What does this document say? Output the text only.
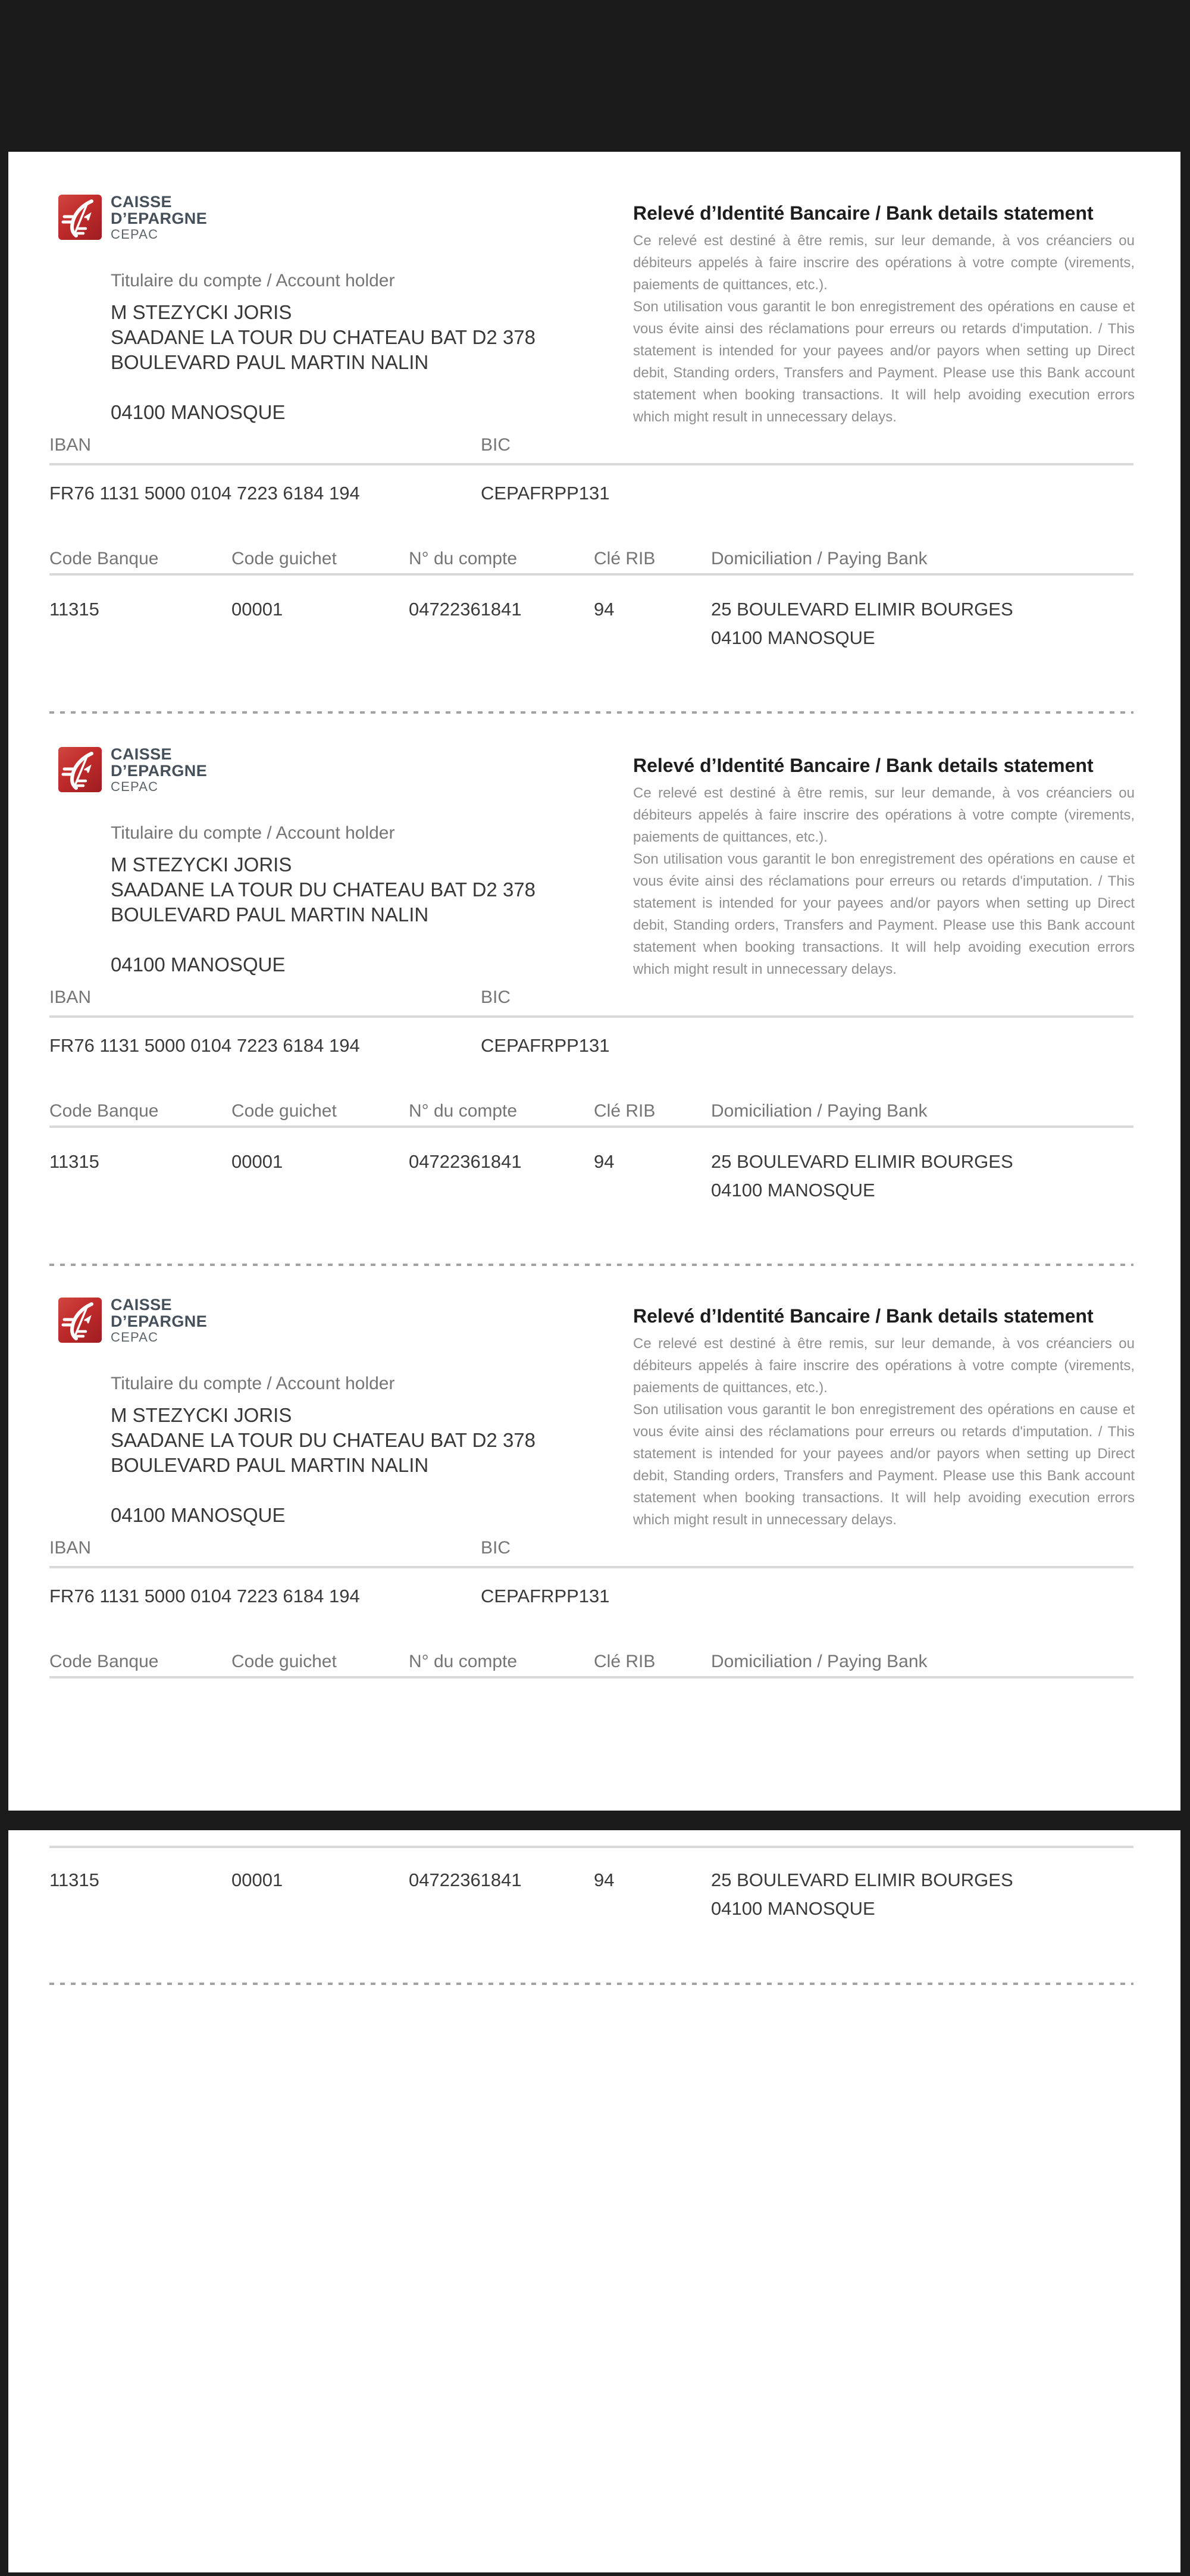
CAISSE
D’EPARGNE
CEPAC
Relevé d’Identité Bancaire / Bank details statement

Ce relevé est destiné à être remis, sur leur demande, à vos créanciers ou débiteurs appelés à faire inscrire des opérations à votre compte (virements, paiements de quittances, etc.).

Son utilisation vous garantit le bon enregistrement des opérations en cause et vous évite ainsi des réclamations pour erreurs ou retards d'imputation. / This statement is intended for your payees and/or payors when setting up Direct debit, Standing orders, Transfers and Payment. Please use this Bank account statement when booking transactions. It will help avoiding execution errors which might result in unnecessary delays.

Titulaire du compte / Account holder
M STEZYCKI JORIS
SAADANE LA TOUR DU CHATEAU BAT D2 378
BOULEVARD PAUL MARTIN NALIN
04100 MANOSQUE
IBAN	BIC
FR76 1131 5000 0104 7223 6184 194	CEPAFRPP131
Code Banque	Code guichet	N° du compte	Clé RIB	Domiciliation / Paying Bank
11315	00001	04722361841	94	25 BOULEVARD ELIMIR BOURGES
04100 MANOSQUE
CAISSE
D’EPARGNE
CEPAC
Relevé d’Identité Bancaire / Bank details statement

Ce relevé est destiné à être remis, sur leur demande, à vos créanciers ou débiteurs appelés à faire inscrire des opérations à votre compte (virements, paiements de quittances, etc.).

Son utilisation vous garantit le bon enregistrement des opérations en cause et vous évite ainsi des réclamations pour erreurs ou retards d'imputation. / This statement is intended for your payees and/or payors when setting up Direct debit, Standing orders, Transfers and Payment. Please use this Bank account statement when booking transactions. It will help avoiding execution errors which might result in unnecessary delays.

Titulaire du compte / Account holder
M STEZYCKI JORIS
SAADANE LA TOUR DU CHATEAU BAT D2 378
BOULEVARD PAUL MARTIN NALIN
04100 MANOSQUE
IBAN	BIC
FR76 1131 5000 0104 7223 6184 194	CEPAFRPP131
Code Banque	Code guichet	N° du compte	Clé RIB	Domiciliation / Paying Bank
11315	00001	04722361841	94	25 BOULEVARD ELIMIR BOURGES
04100 MANOSQUE
CAISSE
D’EPARGNE
CEPAC
Relevé d’Identité Bancaire / Bank details statement

Ce relevé est destiné à être remis, sur leur demande, à vos créanciers ou débiteurs appelés à faire inscrire des opérations à votre compte (virements, paiements de quittances, etc.).

Son utilisation vous garantit le bon enregistrement des opérations en cause et vous évite ainsi des réclamations pour erreurs ou retards d'imputation. / This statement is intended for your payees and/or payors when setting up Direct debit, Standing orders, Transfers and Payment. Please use this Bank account statement when booking transactions. It will help avoiding execution errors which might result in unnecessary delays.

Titulaire du compte / Account holder
M STEZYCKI JORIS
SAADANE LA TOUR DU CHATEAU BAT D2 378
BOULEVARD PAUL MARTIN NALIN
04100 MANOSQUE
IBAN	BIC
FR76 1131 5000 0104 7223 6184 194	CEPAFRPP131
Code Banque	Code guichet	N° du compte	Clé RIB	Domiciliation / Paying Bank
11315	00001	04722361841	94	25 BOULEVARD ELIMIR BOURGES
04100 MANOSQUE
